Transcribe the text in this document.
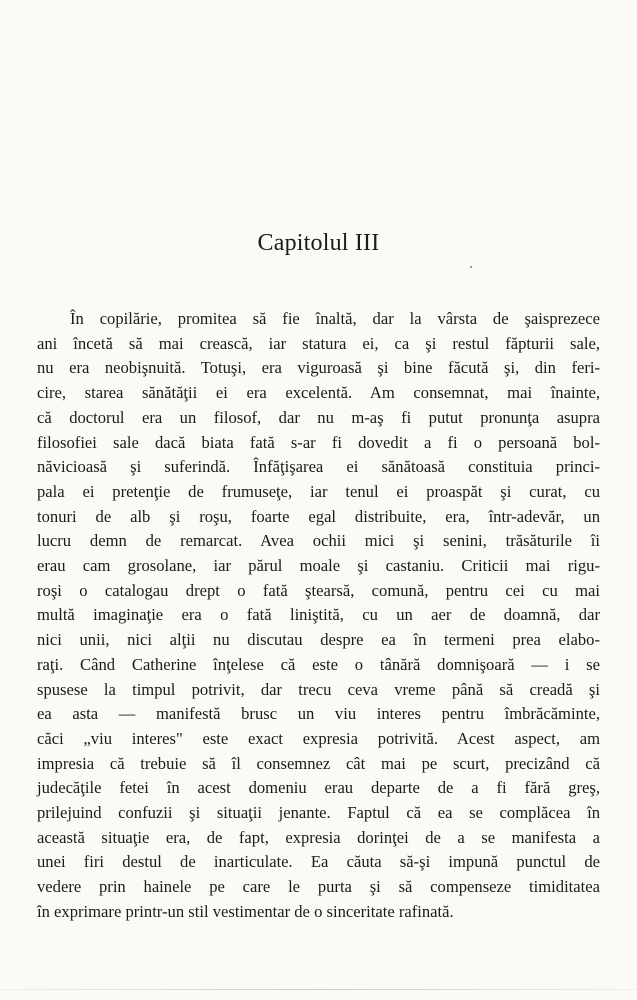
Capitolul III
În copilărie, promitea să fie înaltă, dar la vârsta de şaisprezece
ani încetă să mai crească, iar statura ei, ca şi restul făpturii sale,
nu era neobişnuită. Totuşi, era viguroasă şi bine făcută şi, din feri-
cire, starea sănătăţii ei era excelentă. Am consemnat, mai înainte,
că doctorul era un filosof, dar nu m-aş fi putut pronunţa asupra
filosofiei sale dacă biata fată s-ar fi dovedit a fi o persoană bol-
năvicioasă şi suferindă. Înfăţişarea ei sănătoasă constituia princi-
pala ei pretenţie de frumuseţe, iar tenul ei proaspăt şi curat, cu
tonuri de alb şi roşu, foarte egal distribuite, era, într-adevăr, un
lucru demn de remarcat. Avea ochii mici şi senini, trăsăturile îi
erau cam grosolane, iar părul moale şi castaniu. Criticii mai rigu-
roşi o catalogau drept o fată ştearsă, comună, pentru cei cu mai
multă imaginaţie era o fată liniştită, cu un aer de doamnă, dar
nici unii, nici alţii nu discutau despre ea în termeni prea elabo-
raţi. Când Catherine înţelese că este o tânără domnişoară — i se
spusese la timpul potrivit, dar trecu ceva vreme până să creadă şi
ea asta — manifestă brusc un viu interes pentru îmbrăcăminte,
căci „viu interes" este exact expresia potrivită. Acest aspect, am
impresia că trebuie să îl consemnez cât mai pe scurt, precizând că
judecăţile fetei în acest domeniu erau departe de a fi fără greş,
prilejuind confuzii şi situaţii jenante. Faptul că ea se complăcea în
această situaţie era, de fapt, expresia dorinţei de a se manifesta a
unei firi destul de inarticulate. Ea căuta să-şi impună punctul de
vedere prin hainele pe care le purta şi să compenseze timiditatea
în exprimare printr-un stil vestimentar de o sinceritate rafinată.
